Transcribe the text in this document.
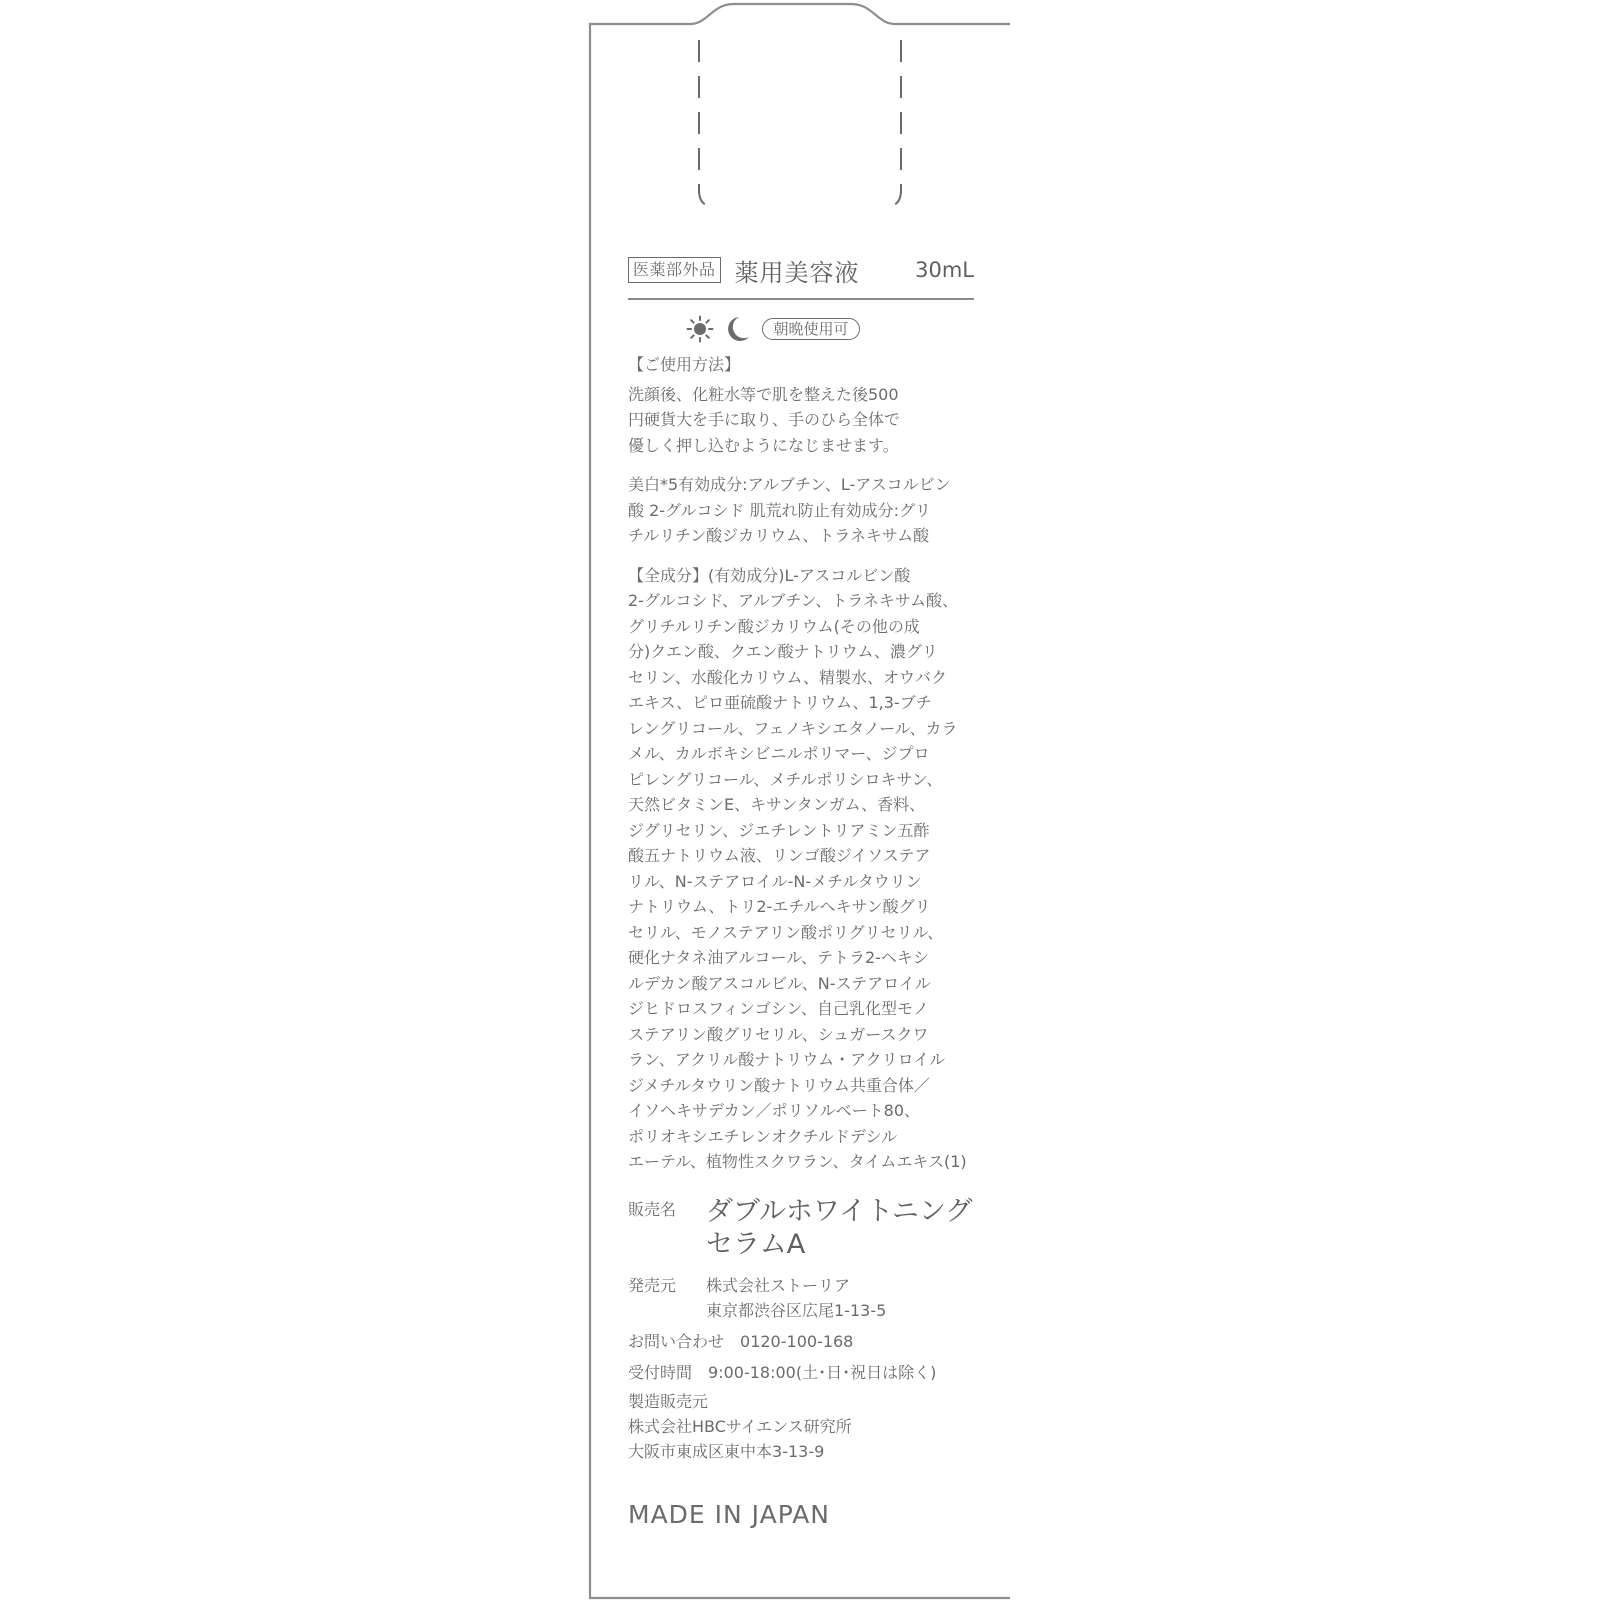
医薬部外品 薬用美容液	30mL
朝晩使用可
【ご使用方法】
洗顔後、化粧水等で肌を整えた後500
円硬貨大を手に取り、手のひら全体で
優しく押し込むようになじませます。
美白*5有効成分:アルブチン、L-アスコルビン
酸 2-グルコシド 肌荒れ防止有効成分:グリ
チルリチン酸ジカリウム、トラネキサム酸
【全成分】(有効成分)L-アスコルビン酸
2-グルコシド、アルブチン、トラネキサム酸、
グリチルリチン酸ジカリウム(その他の成
分)クエン酸、クエン酸ナトリウム、濃グリ
セリン、水酸化カリウム、精製水、オウバク
エキス、ピロ亜硫酸ナトリウム、1,3-ブチ
レングリコール、フェノキシエタノール、カラ
メル、カルボキシビニルポリマー、ジプロ
ピレングリコール、メチルポリシロキサン、
天然ビタミンE、キサンタンガム、香料、
ジグリセリン、ジエチレントリアミン五酢
酸五ナトリウム液、リンゴ酸ジイソステア
リル、N-ステアロイル-N-メチルタウリン
ナトリウム、トリ2-エチルヘキサン酸グリ
セリル、モノステアリン酸ポリグリセリル、
硬化ナタネ油アルコール、テトラ2-ヘキシ
ルデカン酸アスコルビル、N-ステアロイル
ジヒドロスフィンゴシン、自己乳化型モノ
ステアリン酸グリセリル、シュガースクワ
ラン、アクリル酸ナトリウム・アクリロイル
ジメチルタウリン酸ナトリウム共重合体／
イソヘキサデカン／ポリソルベート80、
ポリオキシエチレンオクチルドデシル
エーテル、植物性スクワラン、タイムエキス(1)
販売名	ダブルホワイトニング
セラムA
発売元	株式会社ストーリア
東京都渋谷区広尾1-13-5
お問い合わせ 0120-100-168
受付時間 9:00-18:00(土･日･祝日は除く)
製造販売元
株式会社HBCサイエンス研究所
大阪市東成区東中本3-13-9
MADE IN JAPAN
